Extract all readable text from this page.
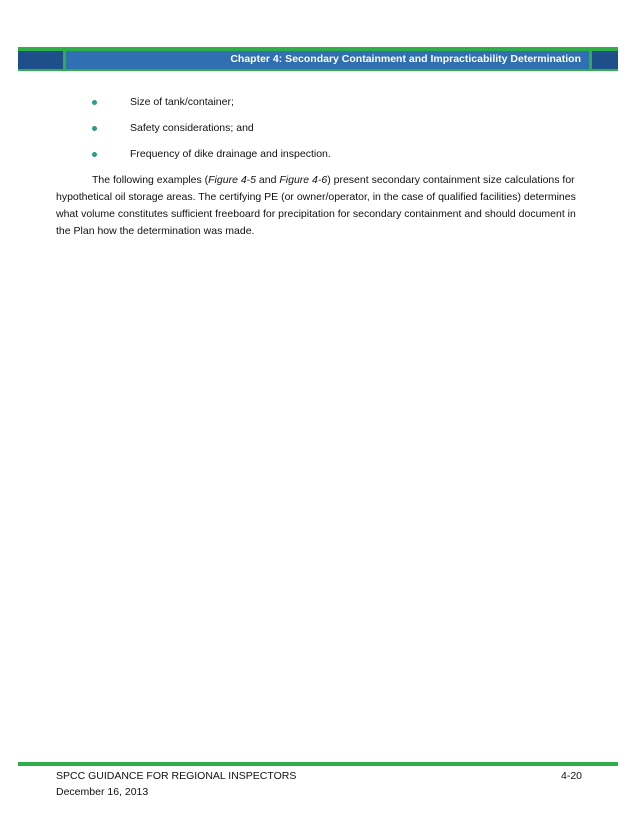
Chapter 4: Secondary Containment and Impracticability Determination
Size of tank/container;
Safety considerations; and
Frequency of dike drainage and inspection.

The following examples (Figure 4-5 and Figure 4-6) present secondary containment size calculations for hypothetical oil storage areas. The certifying PE (or owner/operator, in the case of qualified facilities) determines what volume constitutes sufficient freeboard for precipitation for secondary containment and should document in the Plan how the determination was made.

SPCC GUIDANCE FOR REGIONAL INSPECTORS
December 16, 2013
4-20
